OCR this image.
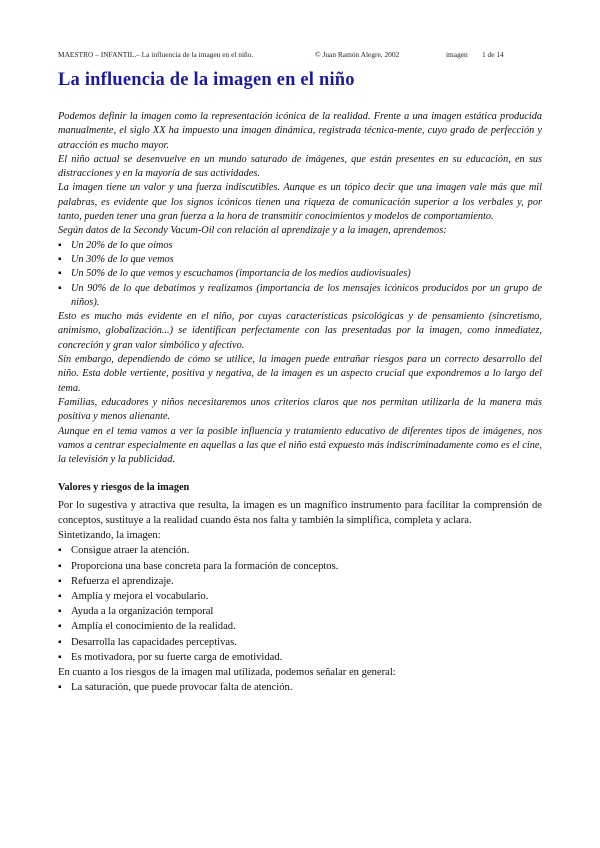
MAESTRO – INFANTIL.– La influencia de la imagen en el niño.	© Juan Ramón Alegre, 2002	imagen 1 de 14
La influencia de la imagen en el niño

Podemos definir la imagen como la representación icónica de la realidad. Frente a una imagen estática producida manualmente, el siglo XX ha impuesto una imagen dinámica, registrada técnica-mente, cuyo grado de perfección y atracción es mucho mayor.

El niño actual se desenvuelve en un mundo saturado de imágenes, que están presentes en su educación, en sus distracciones y en la mayoría de sus actividades.

La imagen tiene un valor y una fuerza indiscutibles. Aunque es un tópico decir que una imagen vale más que mil palabras, es evidente que los signos icónicos tienen una riqueza de comunicación superior a los verbales y, por tanto, pueden tener una gran fuerza a la hora de transmitir conocimientos y modelos de comportamiento.

Según datos de la Secondy Vacum-Oil con relación al aprendizaje y a la imagen, aprendemos:

▪ Un 20% de lo que oímos
▪ Un 30% de lo que vemos
▪ Un 50% de lo que vemos y escuchamos (importancia de los medios audiovisuales)
▪ Un 90% de lo que debatimos y realizamos (importancia de los mensajes icónicos producidos por un grupo de niños).

Esto es mucho más evidente en el niño, por cuyas características psicológicas y de pensamiento (sincretismo, animismo, globalización...) se identifican perfectamente con las presentadas por la imagen, como inmediatez, concreción y gran valor simbólico y afectivo.

Sin embargo, dependiendo de cómo se utilice, la imagen puede entrañar riesgos para un correcto desarrollo del niño. Esta doble vertiente, positiva y negativa, de la imagen es un aspecto crucial que expondremos a lo largo del tema.

Familias, educadores y niños necesitaremos unos criterios claros que nos permitan utilizarla de la manera más positiva y menos alienante.

Aunque en el tema vamos a ver la posible influencia y tratamiento educativo de diferentes tipos de imágenes, nos vamos a centrar especialmente en aquellas a las que el niño está expuesto más indiscriminadamente como es el cine, la televisión y la publicidad.

Valores y riesgos de la imagen

Por lo sugestiva y atractiva que resulta, la imagen es un magnífico instrumento para facilitar la comprensión de conceptos, sustituye a la realidad cuando ésta nos falta y también la simplifica, completa y aclara.

Sintetizando, la imagen:

▪ Consigue atraer la atención.
▪ Proporciona una base concreta para la formación de conceptos.
▪ Refuerza el aprendizaje.
▪ Amplía y mejora el vocabulario.
▪ Ayuda a la organización temporal
▪ Amplía el conocimiento de la realidad.
▪ Desarrolla las capacidades perceptivas.
▪ Es motivadora, por su fuerte carga de emotividad.

En cuanto a los riesgos de la imagen mal utilizada, podemos señalar en general:

▪ La saturación, que puede provocar falta de atención.
